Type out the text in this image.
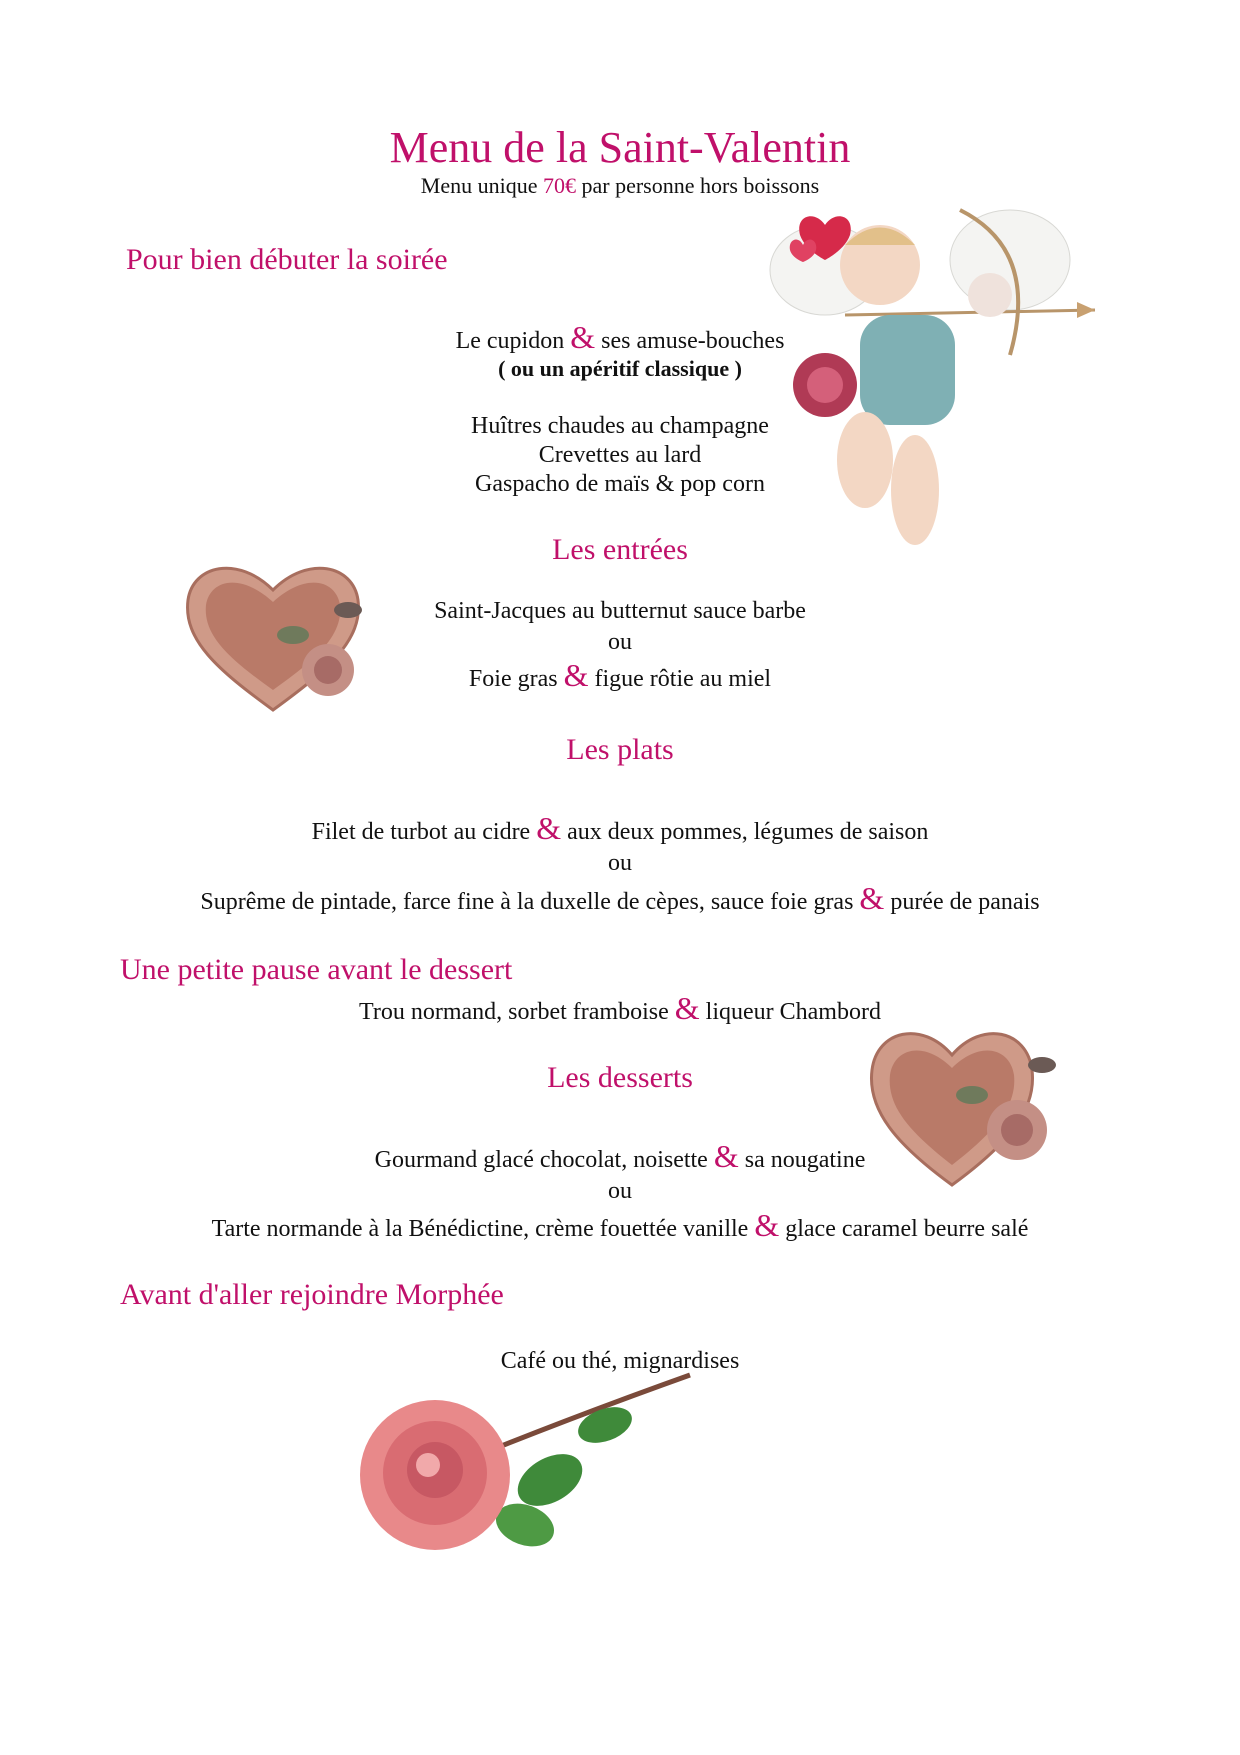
Menu de la Saint-Valentin
Menu unique 70€ par personne hors boissons
Pour bien débuter la soirée
Le cupidon & ses amuse-bouches
( ou un apéritif classique )
Huîtres chaudes au champagne
Crevettes au lard
Gaspacho de maïs & pop corn
Les entrées
Saint-Jacques au butternut sauce barbe
ou
Foie gras & figue rôtie au miel
Les plats
Filet de turbot au cidre & aux deux pommes, légumes de saison
ou
Suprême de pintade, farce fine à la duxelle de cèpes, sauce foie gras & purée de panais
Une petite pause avant le dessert
Trou normand, sorbet framboise & liqueur Chambord
Les desserts
Gourmand glacé chocolat, noisette & sa nougatine
ou
Tarte normande à la Bénédictine, crème fouettée vanille & glace caramel beurre salé
Avant d'aller rejoindre Morphée
Café ou thé, mignardises
